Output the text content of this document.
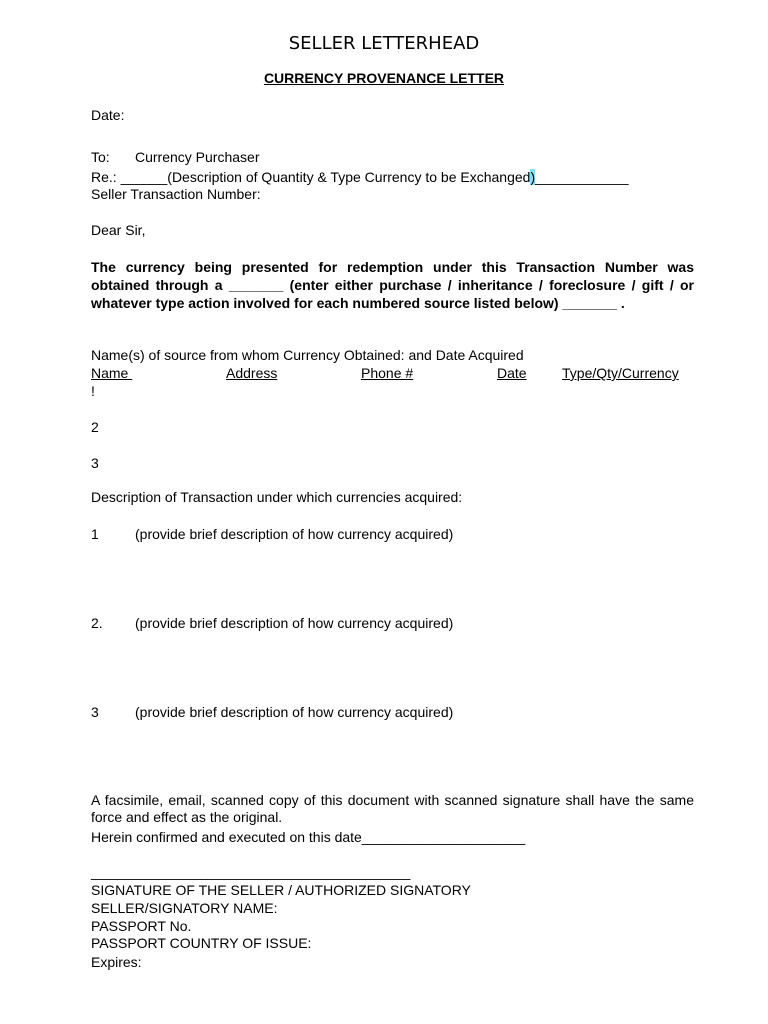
SELLER LETTERHEAD
CURRENCY PROVENANCE LETTER
Date:
To: Currency Purchaser
Re.: ______(Description of Quantity & Type Currency to be Exchanged)____________
Seller Transaction Number:
Dear Sir,
The currency being presented for redemption under this Transaction Number was obtained through a _______ (enter either purchase / inheritance / foreclosure / gift / or whatever type action involved for each numbered source listed below) _______ .
Name(s) of source from whom Currency Obtained: and Date Acquired
Name	Address	Phone #	Date	Type/Qty/Currency
!
2
3
Description of Transaction under which currencies acquired:
1	(provide brief description of how currency acquired)
2. (provide brief description of how currency acquired)
3	(provide brief description of how currency acquired)
A facsimile, email, scanned copy of this document with scanned signature shall have the same force and effect as the original.
Herein confirmed and executed on this date_____________________
_________________________________________
SIGNATURE OF THE SELLER / AUTHORIZED SIGNATORY
SELLER/SIGNATORY NAME:
PASSPORT No.
PASSPORT COUNTRY OF ISSUE:
Expires:
